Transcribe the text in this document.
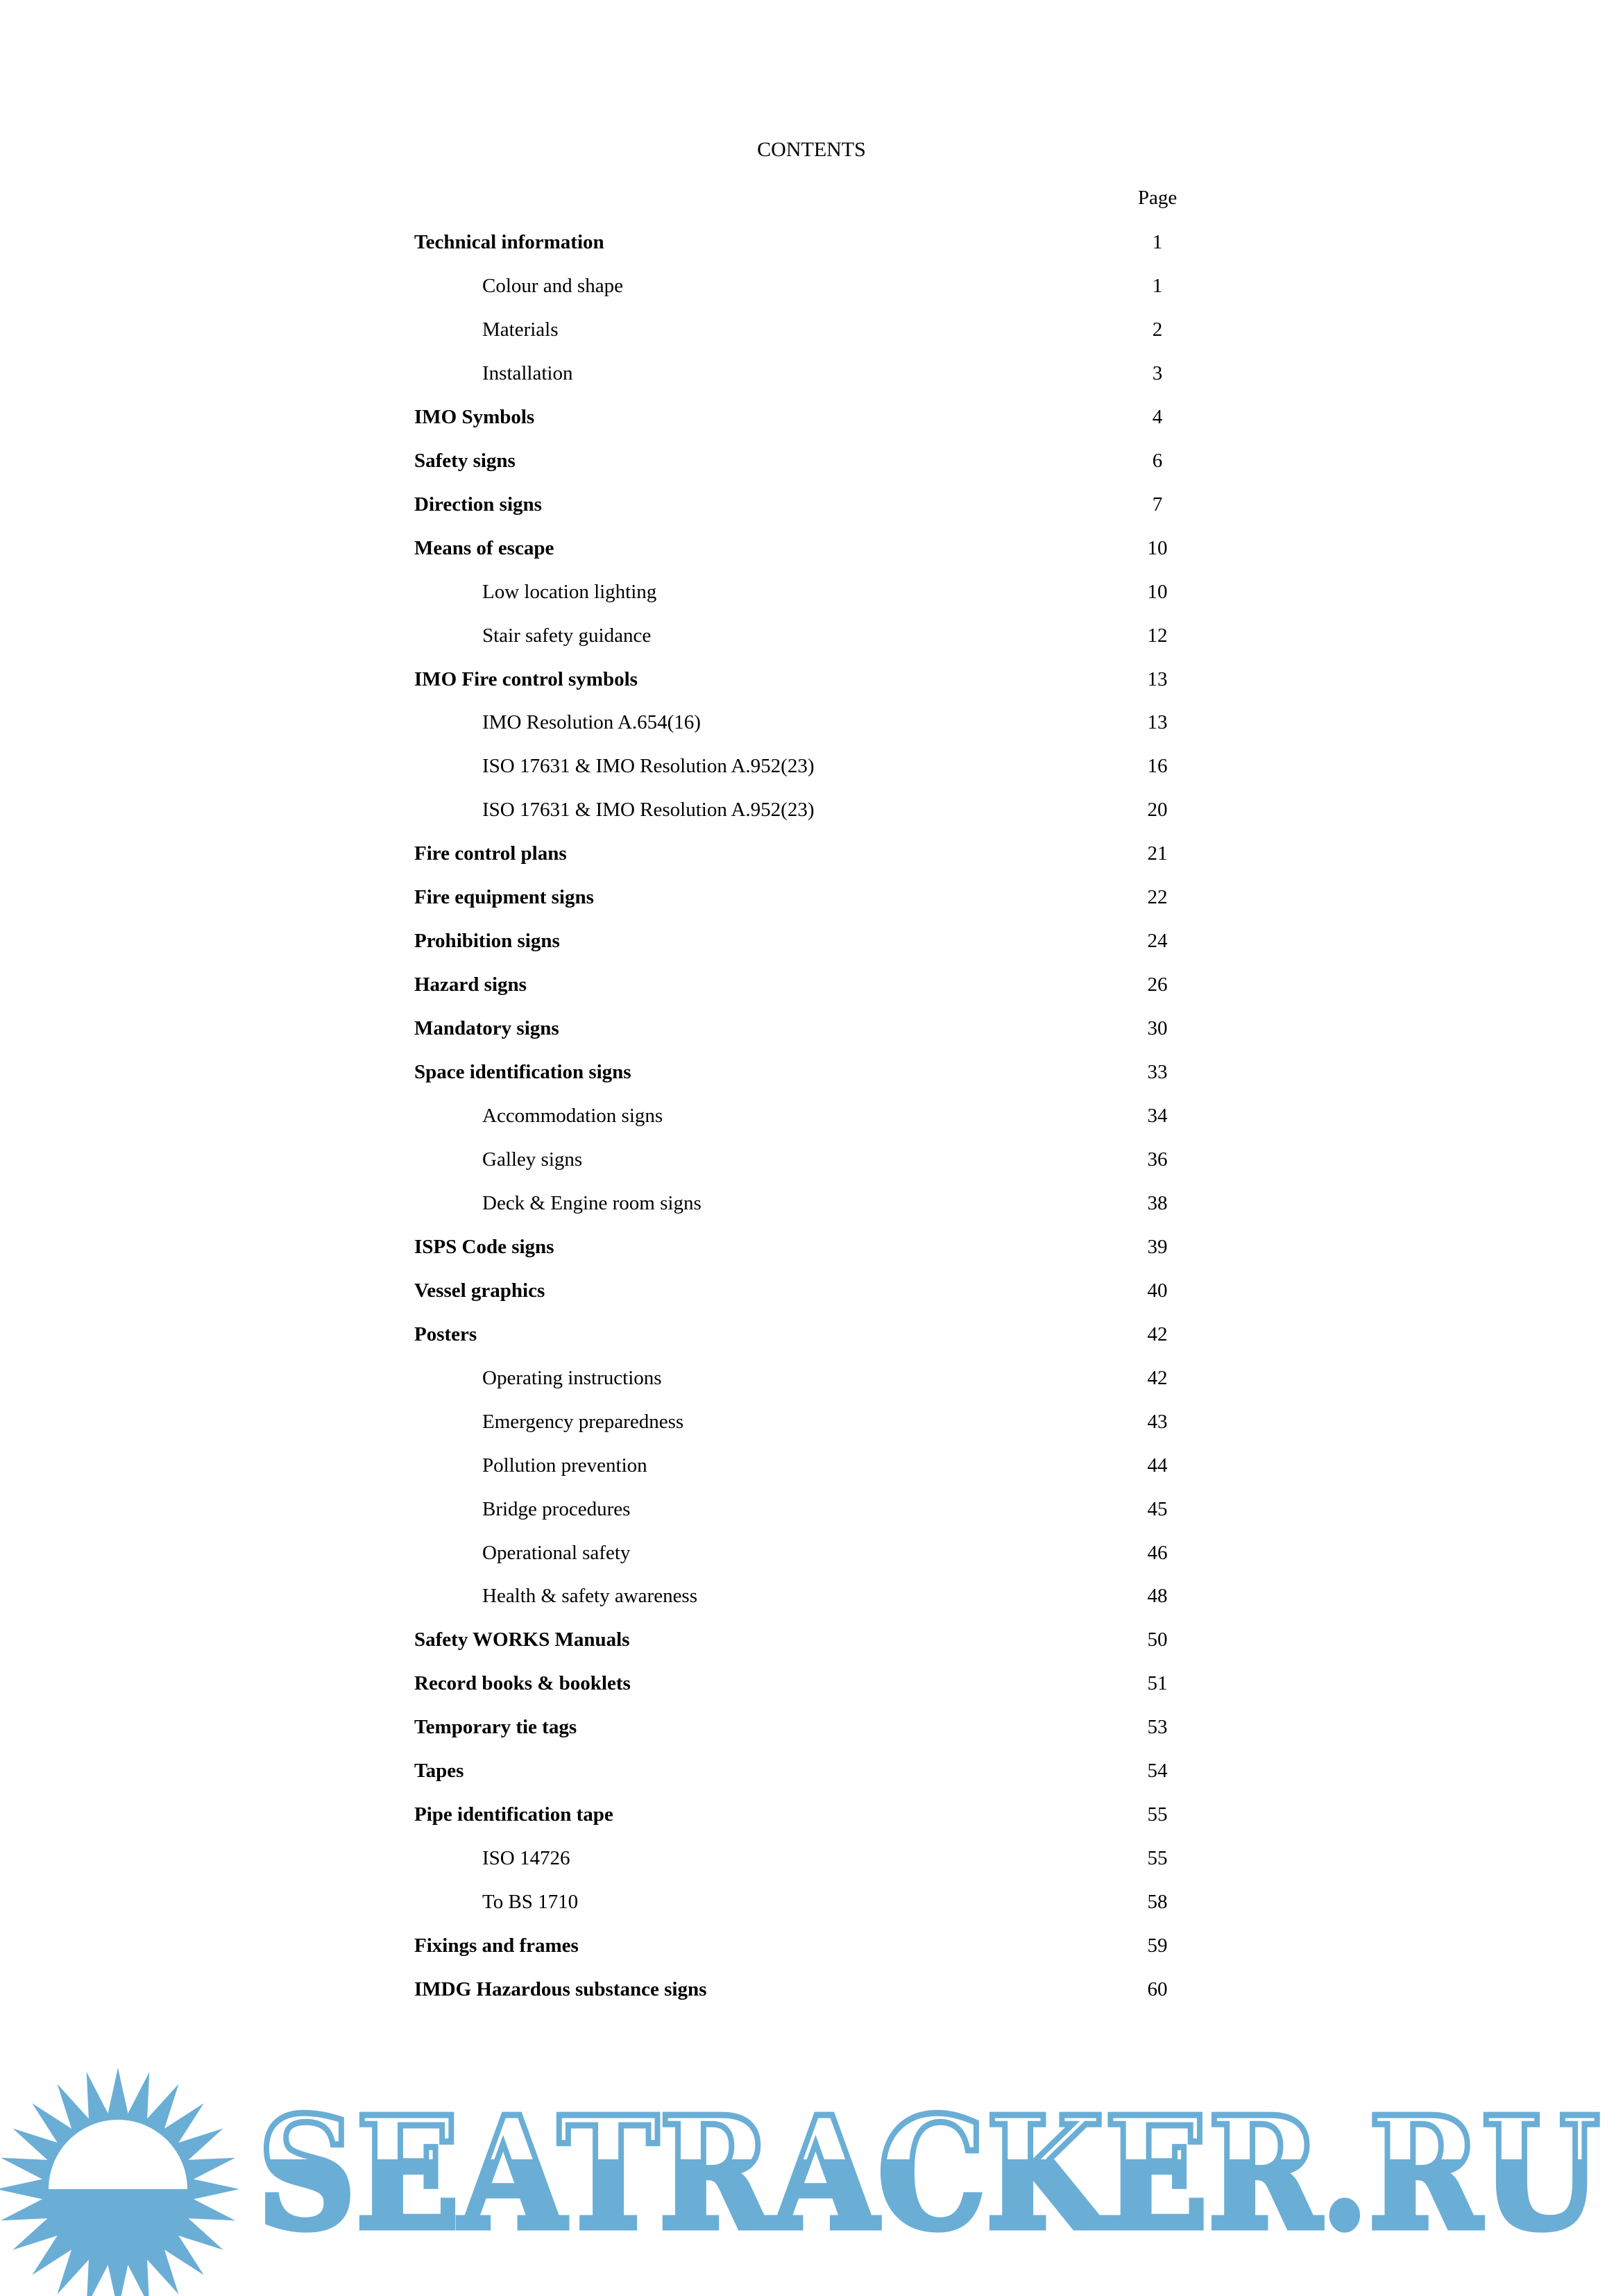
CONTENTS
Page
Technical information	1
Colour and shape	1
Materials	2
Installation	3
IMO Symbols	4
Safety signs	6
Direction signs	7
Means of escape	10
Low location lighting	10
Stair safety guidance	12
IMO Fire control symbols	13
IMO Resolution A.654(16)	13
ISO 17631 & IMO Resolution A.952(23)	16
ISO 17631 & IMO Resolution A.952(23)	20
Fire control plans	21
Fire equipment signs	22
Prohibition signs	24
Hazard signs	26
Mandatory signs	30
Space identification signs	33
Accommodation signs	34
Galley signs	36
Deck & Engine room signs	38
ISPS Code signs	39
Vessel graphics	40
Posters	42
Operating instructions	42
Emergency preparedness	43
Pollution prevention	44
Bridge procedures	45
Operational safety	46
Health & safety awareness	48
Safety WORKS Manuals	50
Record books & booklets	51
Temporary tie tags	53
Tapes	54
Pipe identification tape	55
ISO 14726	55
To BS 1710	58
Fixings and frames	59
IMDG Hazardous substance signs	60
SEATRACKER.RU
